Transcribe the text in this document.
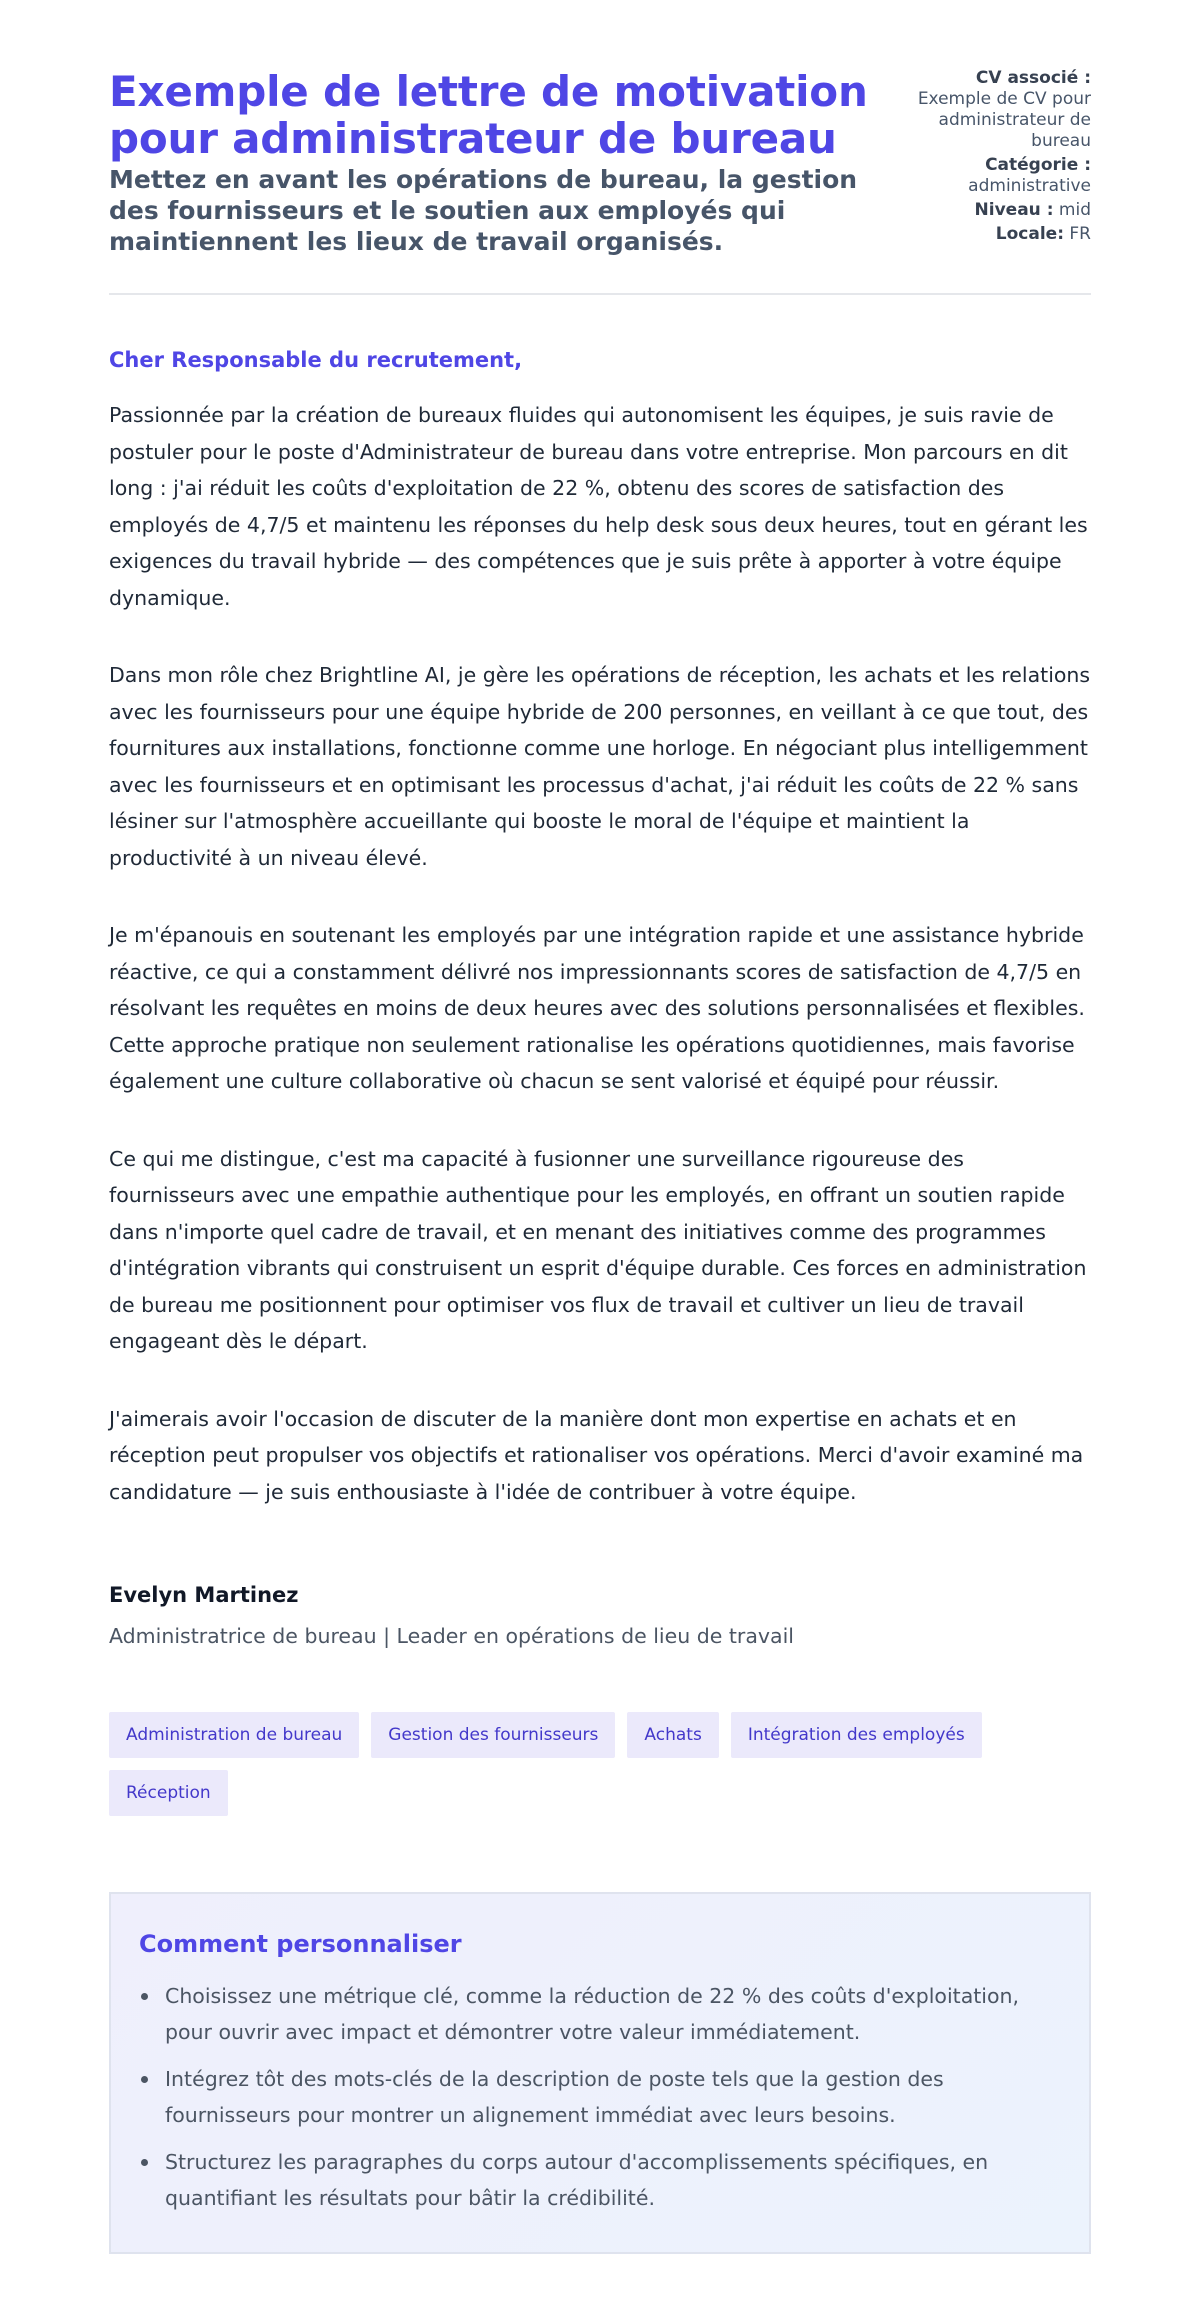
Exemple de lettre de motivation pour administrateur de bureau
Mettez en avant les opérations de bureau, la gestion des fournisseurs et le soutien aux employés qui maintiennent les lieux de travail organisés.
CV associé :
Exemple de CV pour administrateur de bureau
Catégorie :
administrative
Niveau : mid
Locale: FR

Cher Responsable du recrutement,

Passionnée par la création de bureaux fluides qui autonomisent les équipes, je suis ravie de postuler pour le poste d'Administrateur de bureau dans votre entreprise. Mon parcours en dit long : j'ai réduit les coûts d'exploitation de 22 %, obtenu des scores de satisfaction des employés de 4,7/5 et maintenu les réponses du help desk sous deux heures, tout en gérant les exigences du travail hybride — des compétences que je suis prête à apporter à votre équipe dynamique.

Dans mon rôle chez Brightline AI, je gère les opérations de réception, les achats et les relations avec les fournisseurs pour une équipe hybride de 200 personnes, en veillant à ce que tout, des fournitures aux installations, fonctionne comme une horloge. En négociant plus intelligemment avec les fournisseurs et en optimisant les processus d'achat, j'ai réduit les coûts de 22 % sans lésiner sur l'atmosphère accueillante qui booste le moral de l'équipe et maintient la productivité à un niveau élevé.

Je m'épanouis en soutenant les employés par une intégration rapide et une assistance hybride réactive, ce qui a constamment délivré nos impressionnants scores de satisfaction de 4,7/5 en résolvant les requêtes en moins de deux heures avec des solutions personnalisées et flexibles. Cette approche pratique non seulement rationalise les opérations quotidiennes, mais favorise également une culture collaborative où chacun se sent valorisé et équipé pour réussir.

Ce qui me distingue, c'est ma capacité à fusionner une surveillance rigoureuse des fournisseurs avec une empathie authentique pour les employés, en offrant un soutien rapide dans n'importe quel cadre de travail, et en menant des initiatives comme des programmes d'intégration vibrants qui construisent un esprit d'équipe durable. Ces forces en administration de bureau me positionnent pour optimiser vos flux de travail et cultiver un lieu de travail engageant dès le départ.

J'aimerais avoir l'occasion de discuter de la manière dont mon expertise en achats et en réception peut propulser vos objectifs et rationaliser vos opérations. Merci d'avoir examiné ma candidature — je suis enthousiaste à l'idée de contribuer à votre équipe.

Evelyn Martinez

Administratrice de bureau | Leader en opérations de lieu de travail

Administration de bureau	Gestion des fournisseurs	Achats	Intégration des employés
Réception
Comment personnaliser
Choisissez une métrique clé, comme la réduction de 22 % des coûts d'exploitation, pour ouvrir avec impact et démontrer votre valeur immédiatement.
Intégrez tôt des mots-clés de la description de poste tels que la gestion des fournisseurs pour montrer un alignement immédiat avec leurs besoins.
Structurez les paragraphes du corps autour d'accomplissements spécifiques, en quantifiant les résultats pour bâtir la crédibilité.
